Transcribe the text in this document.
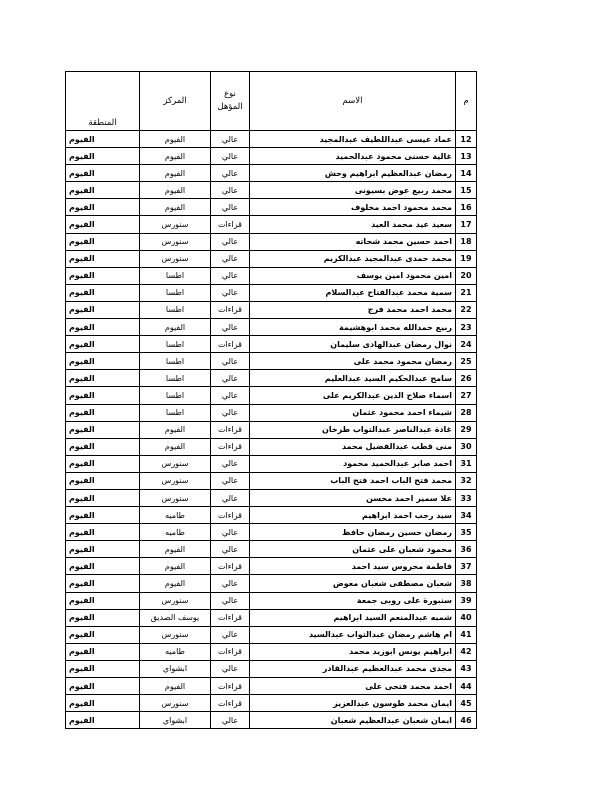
م	الاسم	نوع المؤهل	المركز	المنطقة
12	عماد عيسى عبداللطيف عبدالمجيد	عالي	الفيوم	الفيوم
13	غالية حسنى محمود عبدالحميد	عالي	الفيوم	الفيوم
14	رمضان عبدالعظيم ابراهيم وحش	عالي	الفيوم	الفيوم
15	محمد ربيع عوض بسيونى	عالي	الفيوم	الفيوم
16	محمد محمود احمد مخلوف	عالي	الفيوم	الفيوم
17	سعيد عيد محمد العيد	قراءات	سنورس	الفيوم
18	احمد حسين محمد شحاته	عالي	سنورس	الفيوم
19	محمد حمدى عبدالمجيد عبدالكريم	عالي	سنورس	الفيوم
20	امين محمود امين يوسف	عالي	اطسا	الفيوم
21	سمية محمد عبدالفتاح عبدالسلام	عالي	اطسا	الفيوم
22	محمد احمد محمد فرج	قراءات	اطسا	الفيوم
23	ربيع حمدالله محمد ابوهشيمة	عالي	الفيوم	الفيوم
24	نوال رمضان عبدالهادى سليمان	قراءات	اطسا	الفيوم
25	رمضان محمود محمد على	عالي	اطسا	الفيوم
26	سامح عبدالحكيم السيد عبدالعليم	عالي	اطسا	الفيوم
27	اسماء صلاح الدين عبدالكريم على	عالي	اطسا	الفيوم
28	شيماء احمد محمود عثمان	عالي	اطسا	الفيوم
29	غادة عبدالناصر عبدالتواب طرخان	قراءات	الفيوم	الفيوم
30	منى قطب عبدالفضيل محمد	قراءات	الفيوم	الفيوم
31	احمد صابر عبدالحميد محمود	عالي	سنورس	الفيوم
32	محمد فتح الباب احمد فتح الباب	عالي	سنورس	الفيوم
33	علا سمير احمد محسن	عالي	سنورس	الفيوم
34	سيد رجب احمد ابراهيم	قراءات	طاميه	الفيوم
35	رمضان حسين رمضان حافظ	عالي	طاميه	الفيوم
36	محمود شعبان على عثمان	عالي	الفيوم	الفيوم
37	فاطمة محروس سيد احمد	قراءات	الفيوم	الفيوم
38	شعبان مصطفى شعبان معوض	عالي	الفيوم	الفيوم
39	سنبورة على روبى جمعة	عالي	سنورس	الفيوم
40	شميه عبدالمنعم السيد ابراهيم	قراءات	يوسف الصديق	الفيوم
41	ام هاشم رمضان عبدالتواب عبدالسيد	عالي	سنورس	الفيوم
42	ابراهيم يونس ابوزيد محمد	قراءات	طاميه	الفيوم
43	مجدى محمد عبدالعظيم عبدالقادر	عالي	ابشواي	الفيوم
44	احمد محمد فتحى على	قراءات	الفيوم	الفيوم
45	ايمان محمد طوسون عبدالعزيز	قراءات	سنورس	الفيوم
46	ايمان شعبان عبدالعظيم شعبان	عالي	ابشواي	الفيوم
